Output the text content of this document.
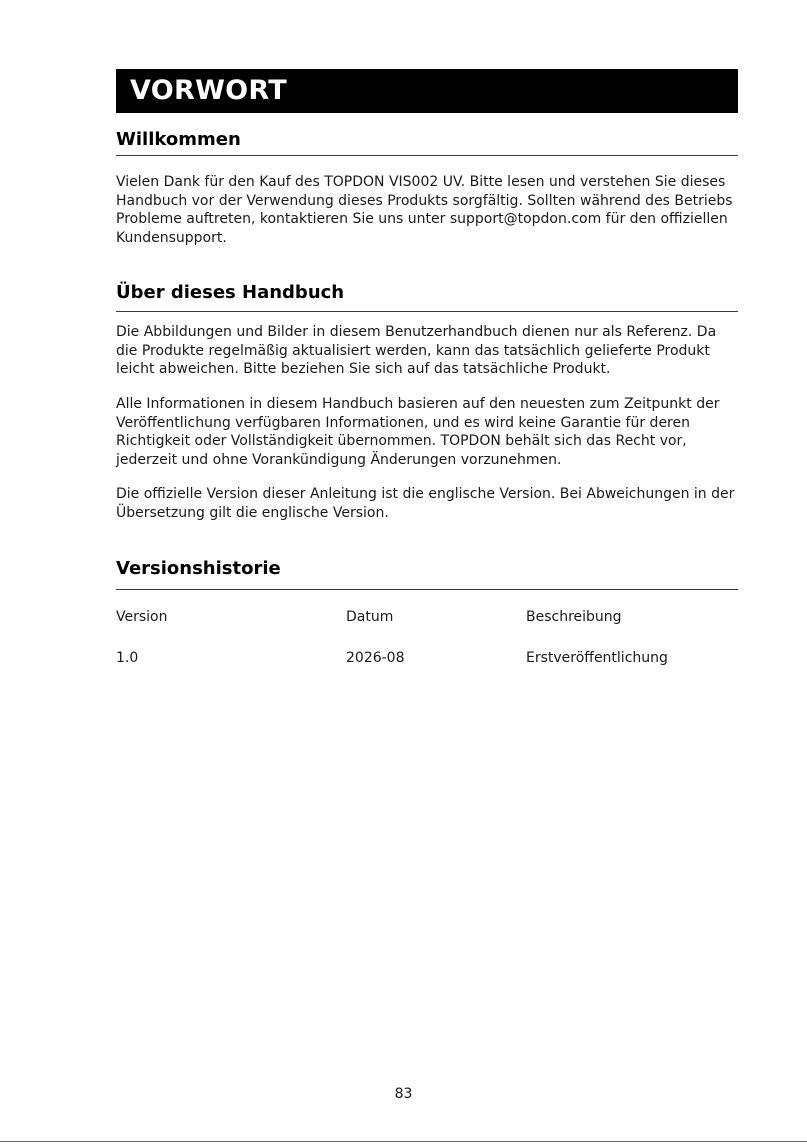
VORWORT
Willkommen

Vielen Dank für den Kauf des TOPDON VIS002 UV. Bitte lesen und verstehen Sie dieses Handbuch vor der Verwendung dieses Produkts sorgfältig. Sollten während des Betriebs Probleme auftreten, kontaktieren Sie uns unter support@topdon.com für den offiziellen Kundensupport.

Über dieses Handbuch

Die Abbildungen und Bilder in diesem Benutzerhandbuch dienen nur als Referenz. Da die Produkte regelmäßig aktualisiert werden, kann das tatsächlich gelieferte Produkt leicht abweichen. Bitte beziehen Sie sich auf das tatsächliche Produkt.

Alle Informationen in diesem Handbuch basieren auf den neuesten zum Zeitpunkt der Veröffentlichung verfügbaren Informationen, und es wird keine Garantie für deren Richtigkeit oder Vollständigkeit übernommen. TOPDON behält sich das Recht vor, jederzeit und ohne Vorankündigung Änderungen vorzunehmen.

Die offizielle Version dieser Anleitung ist die englische Version. Bei Abweichungen in der Übersetzung gilt die englische Version.

Versionshistorie
Version	Datum	Beschreibung
1.0	2026-08	Erstveröffentlichung
83
